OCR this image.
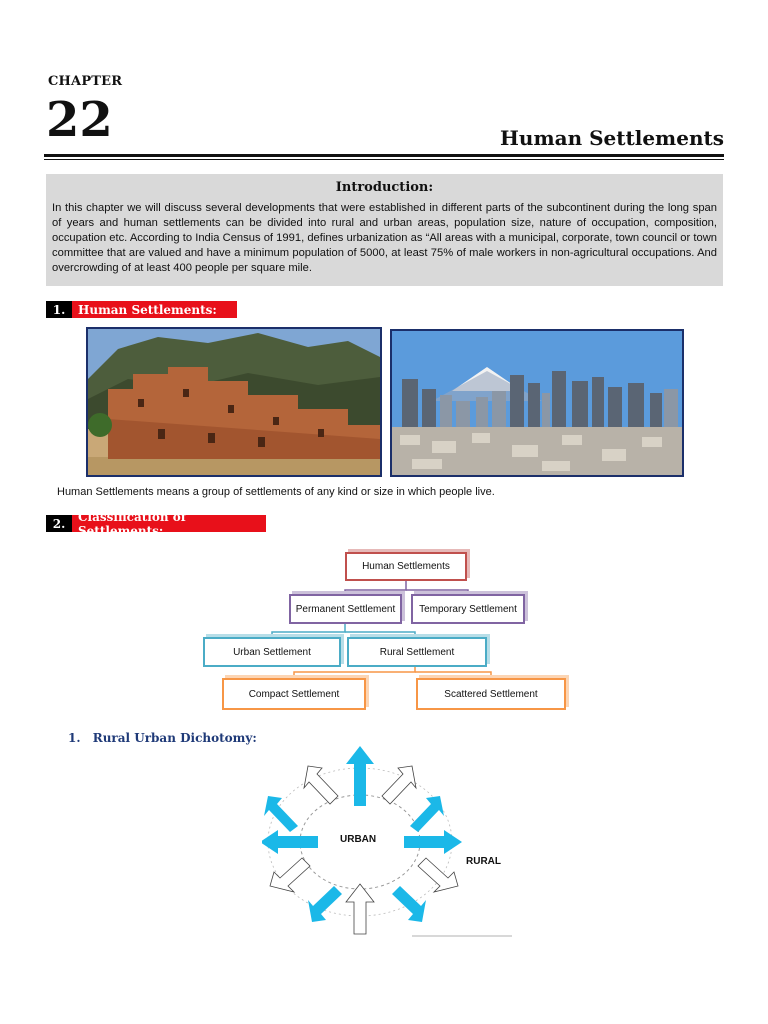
CHAPTER
22	Human Settlements
Introduction:
In this chapter we will discuss several developments that were established in different parts of the subcontinent during the long span of years and human settlements can be divided into rural and urban areas, population size, nature of occupation, composition, occupation etc. According to India Census of 1991, defines urbanization as “All areas with a municipal, corporate, town council or town committee that are valued and have a minimum population of 5000, at least 75% of male workers in non-agricultural occupations. And overcrowding of at least 400 people per square mile.
1.	Human Settlements:
Human Settlements means a group of settlements of any kind or size in which people live.
2.	Classification of Settlements:
Human Settlements
Permanent Settlement	Temporary Settlement
Urban Settlement	Rural Settlement
Compact Settlement	Scattered Settlement
1. Rural Urban Dichotomy:
URBAN
RURAL
